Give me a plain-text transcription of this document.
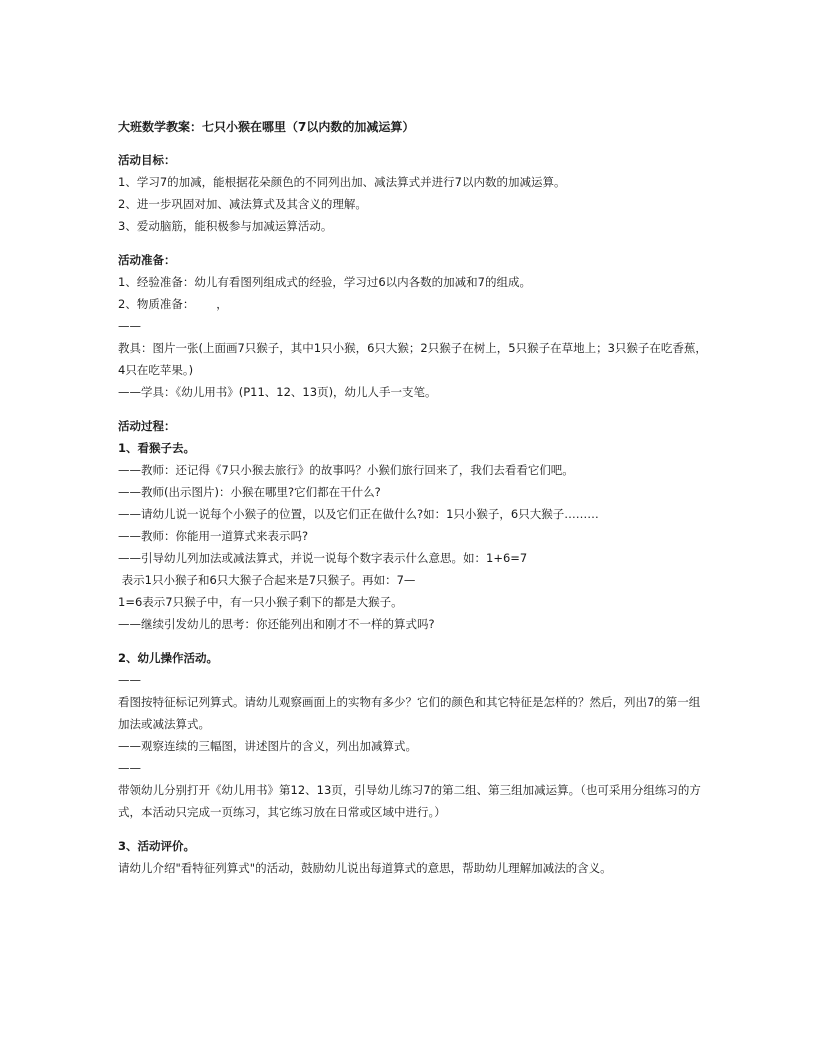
大班数学教案：七只小猴在哪里（7以内数的加减运算）

活动目标：

1、学习7的加减，能根据花朵颜色的不同列出加、减法算式并进行7以内数的加减运算。

2、进一步巩固对加、减法算式及其含义的理解。

3、爱动脑筋，能积极参与加减运算活动。

活动准备：

1、经验准备：幼儿有看图列组成式的经验，学习过6以内各数的加减和7的组成。

2、物质准备：      ，

——

教具：图片一张(上面画7只猴子，其中1只小猴，6只大猴；2只猴子在树上，5只猴子在草地上；3只猴子在吃香蕉，4只在吃苹果。)

——学具：《幼儿用书》(P11、12、13页)，幼儿人手一支笔。

活动过程：

1、看猴子去。

——教师：还记得《7只小猴去旅行》的故事吗？小猴们旅行回来了，我们去看看它们吧。

——教师(出示图片)：小猴在哪里?它们都在干什么?

——请幼儿说一说每个小猴子的位置，以及它们正在做什么?如：1只小猴子，6只大猴子………

——教师：你能用一道算式来表示吗?

——引导幼儿列加法或减法算式，并说一说每个数字表示什么意思。如：1+6=7

表示1只小猴子和6只大猴子合起来是7只猴子。再如：7—

1=6表示7只猴子中，有一只小猴子剩下的都是大猴子。

——继续引发幼儿的思考：你还能列出和刚才不一样的算式吗?

2、幼儿操作活动。

——

看图按特征标记列算式。请幼儿观察画面上的实物有多少？它们的颜色和其它特征是怎样的？然后，列出7的第一组加法或减法算式。

——观察连续的三幅图，讲述图片的含义，列出加减算式。

——

带领幼儿分别打开《幼儿用书》第12、13页，引导幼儿练习7的第二组、第三组加减运算。（也可采用分组练习的方式，本活动只完成一页练习，其它练习放在日常或区域中进行。）

3、活动评价。

请幼儿介绍"看特征列算式"的活动，鼓励幼儿说出每道算式的意思，帮助幼儿理解加减法的含义。
